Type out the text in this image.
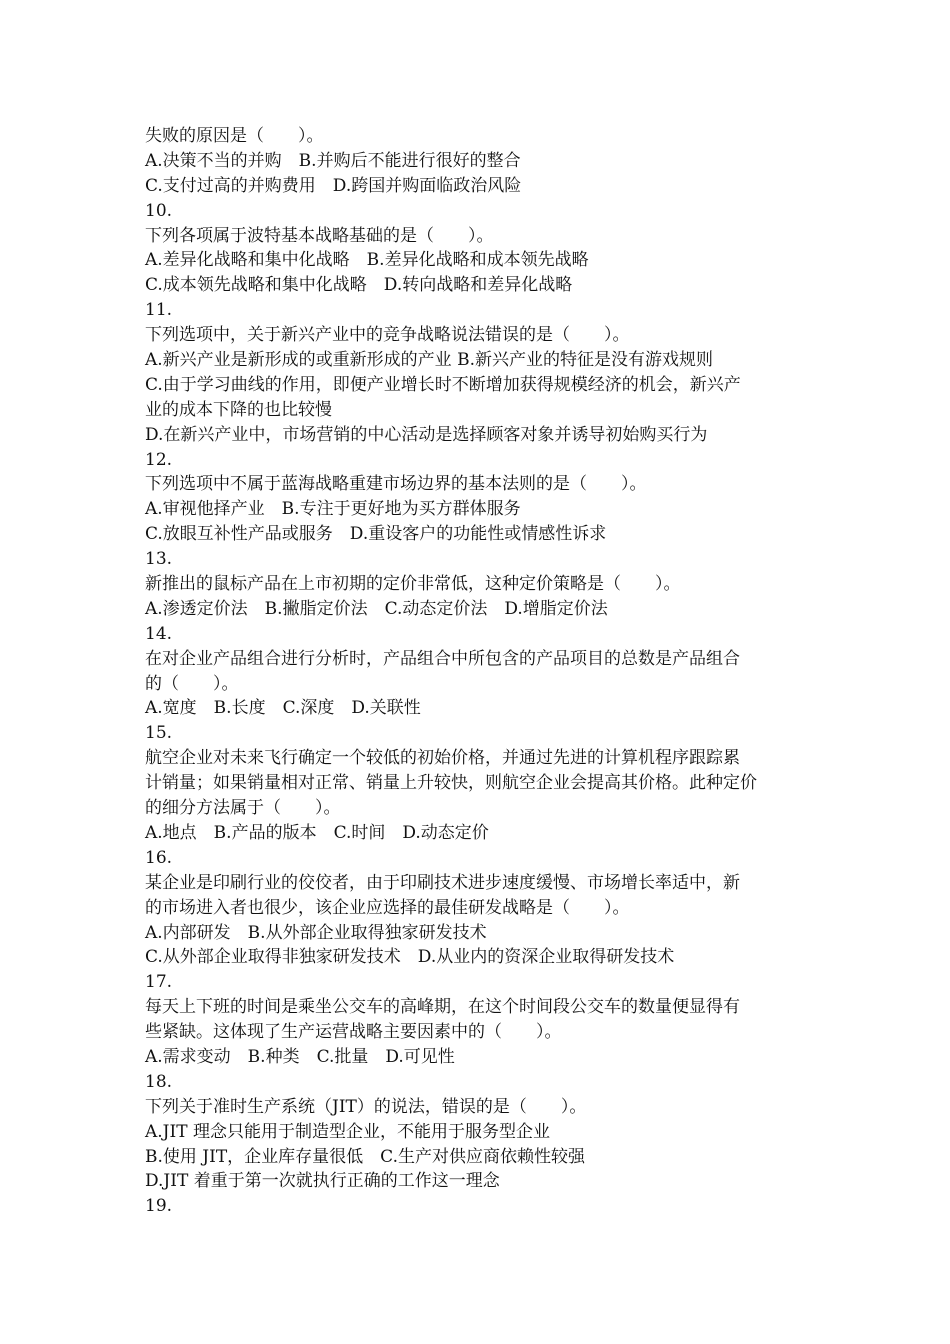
失败的原因是（　　）。
A.决策不当的并购　B.并购后不能进行很好的整合
C.支付过高的并购费用　D.跨国并购面临政治风险
10.
下列各项属于波特基本战略基础的是（　　）。
A.差异化战略和集中化战略　B.差异化战略和成本领先战略
C.成本领先战略和集中化战略　D.转向战略和差异化战略
11.
下列选项中，关于新兴产业中的竞争战略说法错误的是（　　）。
A.新兴产业是新形成的或重新形成的产业 B.新兴产业的特征是没有游戏规则
C.由于学习曲线的作用，即便产业增长时不断增加获得规模经济的机会，新兴产
业的成本下降的也比较慢
D.在新兴产业中，市场营销的中心活动是选择顾客对象并诱导初始购买行为
12.
下列选项中不属于蓝海战略重建市场边界的基本法则的是（　　）。
A.审视他择产业　B.专注于更好地为买方群体服务
C.放眼互补性产品或服务　D.重设客户的功能性或情感性诉求
13.
新推出的鼠标产品在上市初期的定价非常低，这种定价策略是（　　）。
A.渗透定价法　B.撇脂定价法　C.动态定价法　D.增脂定价法
14.
在对企业产品组合进行分析时，产品组合中所包含的产品项目的总数是产品组合
的（　　）。
A.宽度　B.长度　C.深度　D.关联性
15.
航空企业对未来飞行确定一个较低的初始价格，并通过先进的计算机程序跟踪累
计销量；如果销量相对正常、销量上升较快，则航空企业会提高其价格。此种定价
的细分方法属于（　　）。
A.地点　B.产品的版本　C.时间　D.动态定价
16.
某企业是印刷行业的佼佼者，由于印刷技术进步速度缓慢、市场增长率适中，新
的市场进入者也很少，该企业应选择的最佳研发战略是（　　）。
A.内部研发　B.从外部企业取得独家研发技术
C.从外部企业取得非独家研发技术　D.从业内的资深企业取得研发技术
17.
每天上下班的时间是乘坐公交车的高峰期，在这个时间段公交车的数量便显得有
些紧缺。这体现了生产运营战略主要因素中的（　　）。
A.需求变动　B.种类　C.批量　D.可见性
18.
下列关于准时生产系统（JIT）的说法，错误的是（　　）。
A.JIT 理念只能用于制造型企业，不能用于服务型企业
B.使用 JIT，企业库存量很低　C.生产对供应商依赖性较强
D.JIT 着重于第一次就执行正确的工作这一理念
19.
